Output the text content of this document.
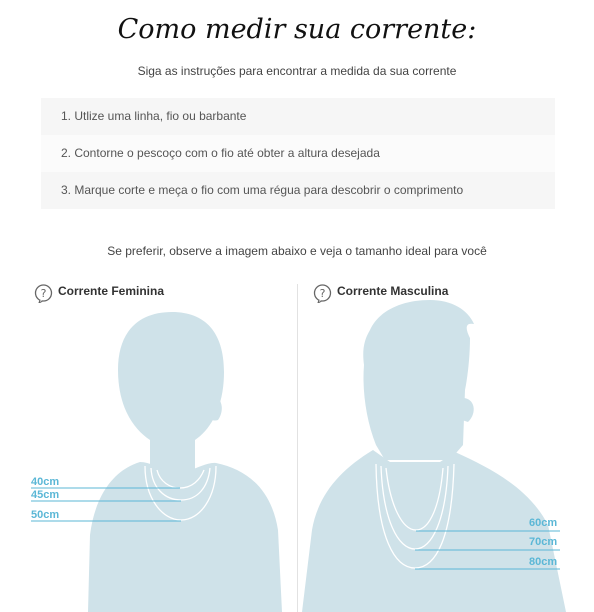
Como medir sua corrente:
Siga as instruções para encontrar a medida da sua corrente
1. Utlize uma linha, fio ou barbante
2. Contorne o pescoço com o fio até obter a altura desejada
3. Marque corte e meça o fio com uma régua para descobrir o comprimento
Se preferir, observe a imagem abaixo e veja o tamanho ideal para você
? Corrente Feminina	? Corrente Masculina
40cm
45cm
50cm
60cm
70cm
80cm
